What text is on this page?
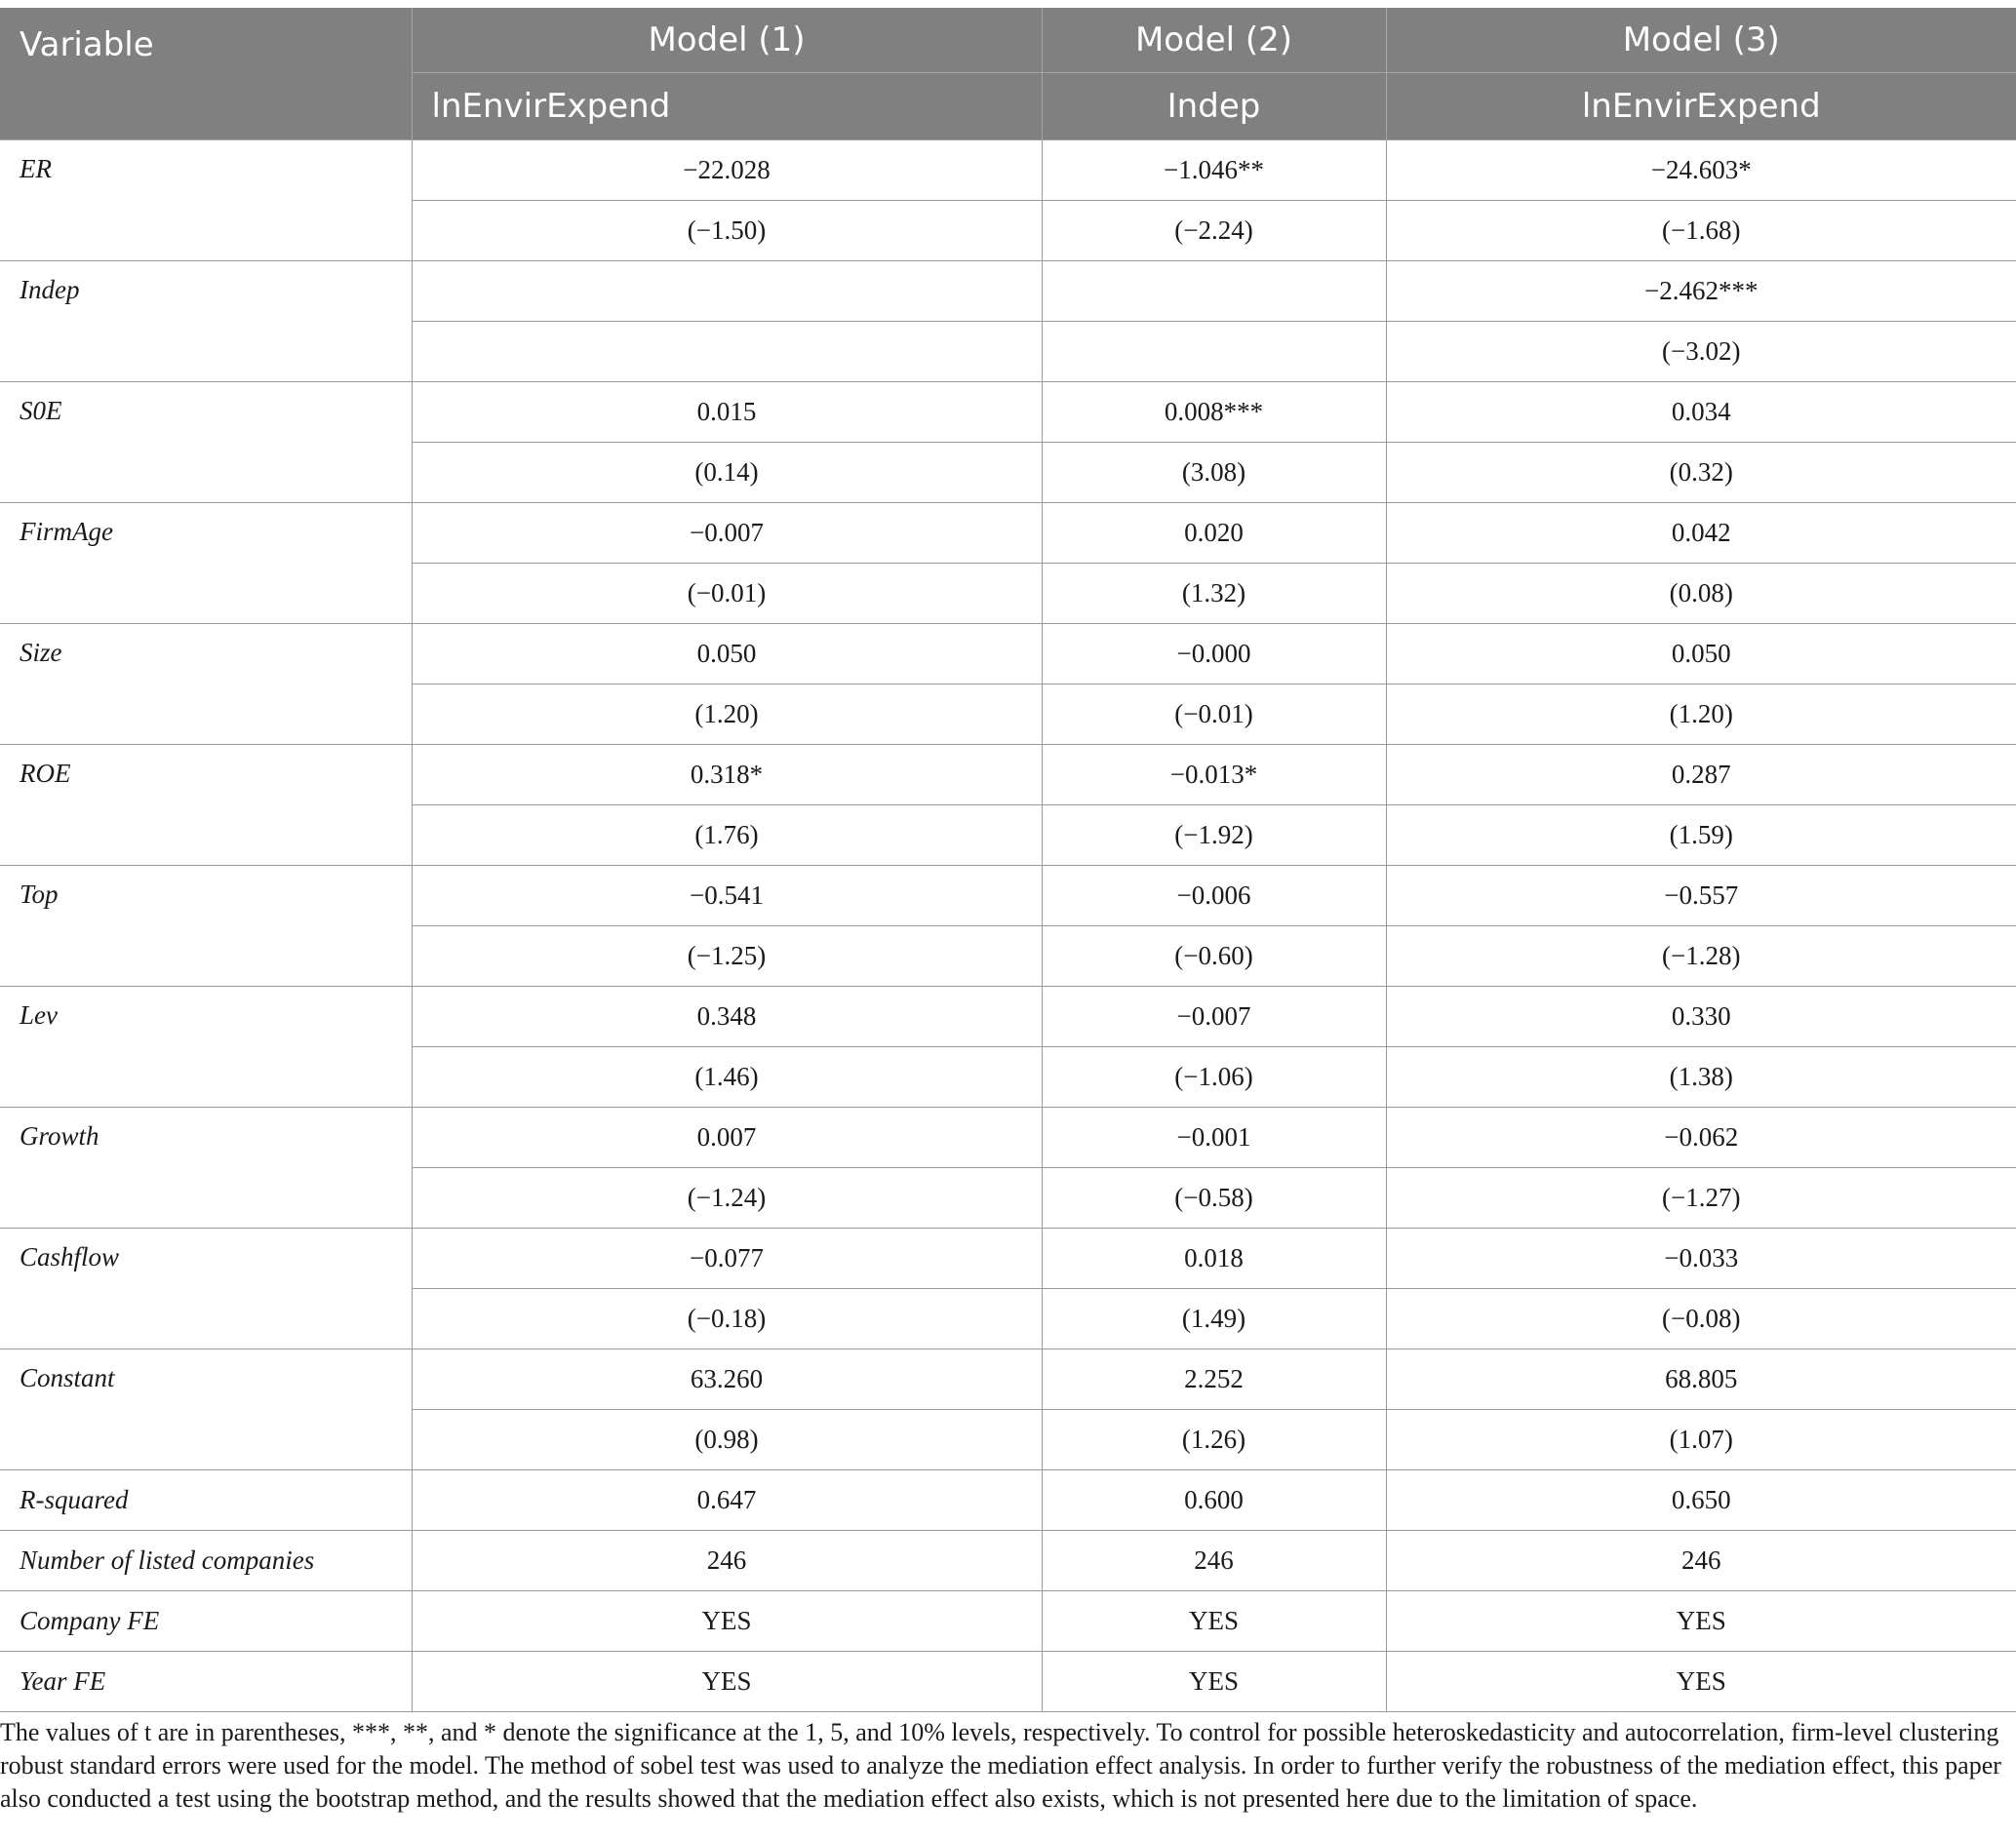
Variable	Model (1)	Model (2)	Model (3)
	lnEnvirExpend	Indep	lnEnvirExpend
ER	−22.028	−1.046**	−24.603*
	(−1.50)	(−2.24)	(−1.68)
Indep			−2.462***
			(−3.02)
S0E	0.015	0.008***	0.034
	(0.14)	(3.08)	(0.32)
FirmAge	−0.007	0.020	0.042
	(−0.01)	(1.32)	(0.08)
Size	0.050	−0.000	0.050
	(1.20)	(−0.01)	(1.20)
ROE	0.318*	−0.013*	0.287
	(1.76)	(−1.92)	(1.59)
Top	−0.541	−0.006	−0.557
	(−1.25)	(−0.60)	(−1.28)
Lev	0.348	−0.007	0.330
	(1.46)	(−1.06)	(1.38)
Growth	0.007	−0.001	−0.062
	(−1.24)	(−0.58)	(−1.27)
Cashflow	−0.077	0.018	−0.033
	(−0.18)	(1.49)	(−0.08)
Constant	63.260	2.252	68.805
	(0.98)	(1.26)	(1.07)
R-squared	0.647	0.600	0.650
Number of listed companies	246	246	246
Company FE	YES	YES	YES
Year FE	YES	YES	YES

The values of t are in parentheses, ***, **, and * denote the significance at the 1, 5, and 10% levels, respectively. To control for possible heteroskedasticity and autocorrelation, firm-level clustering robust standard errors were used for the model. The method of sobel test was used to analyze the mediation effect analysis. In order to further verify the robustness of the mediation effect, this paper also conducted a test using the bootstrap method, and the results showed that the mediation effect also exists, which is not presented here due to the limitation of space.
